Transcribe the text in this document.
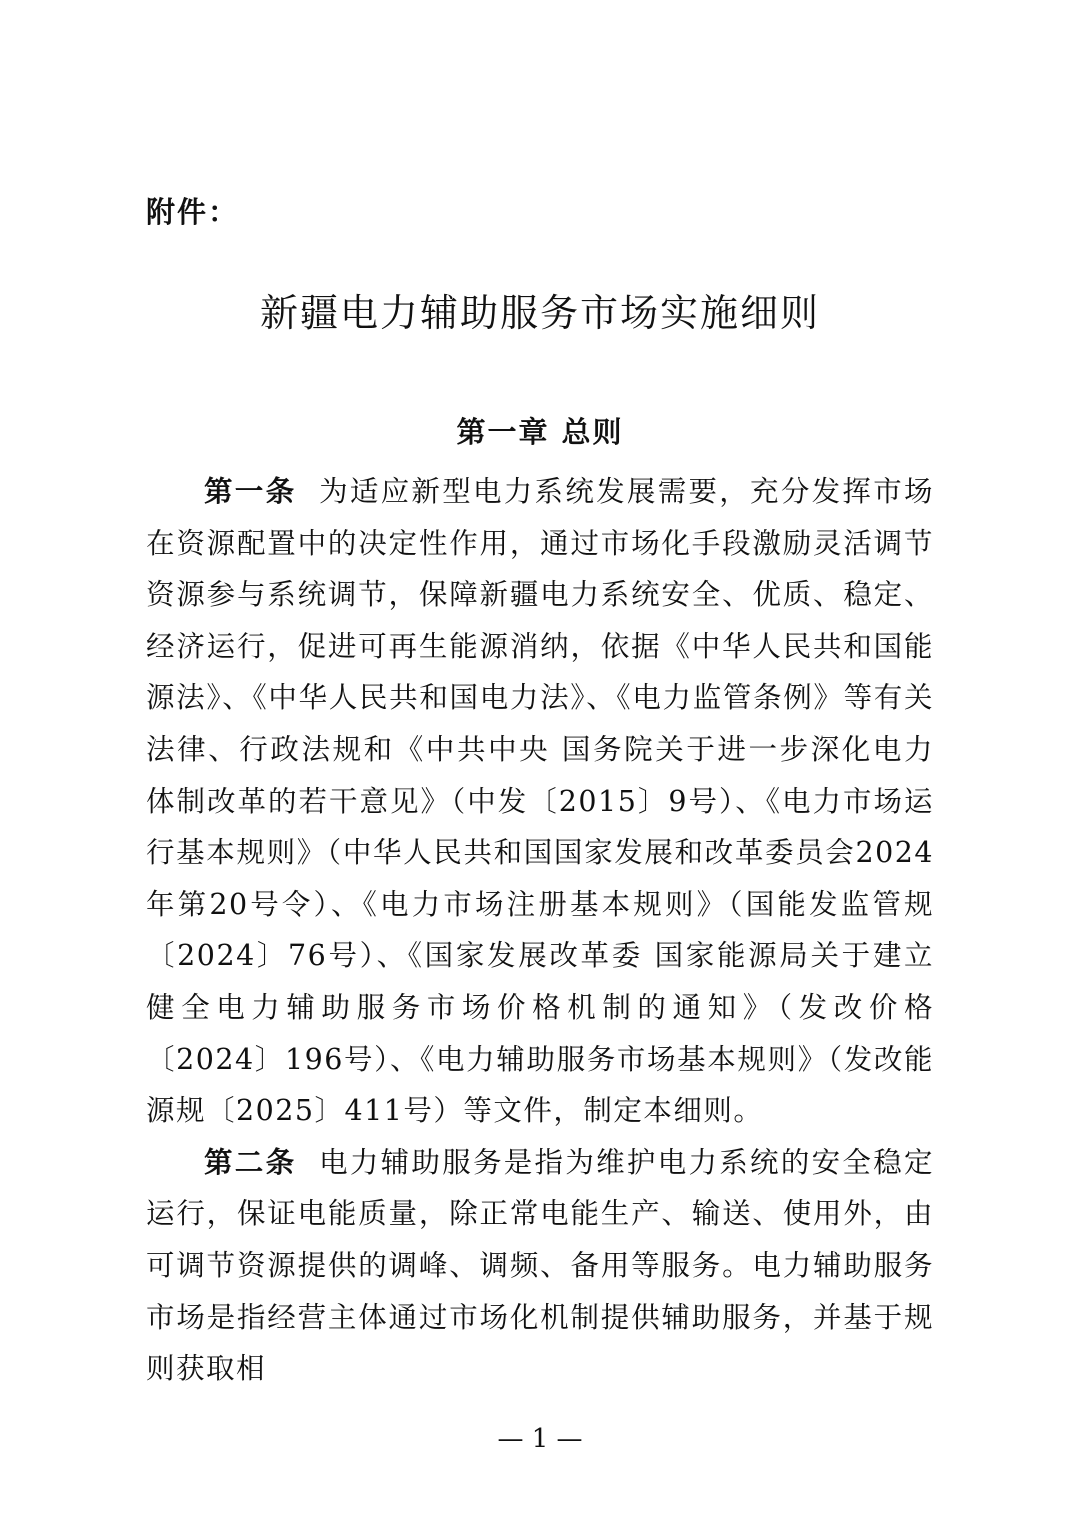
附件：
新疆电力辅助服务市场实施细则
第一章 总则

第一条 为适应新型电力系统发展需要，充分发挥市场在资源配置中的决定性作用，通过市场化手段激励灵活调节资源参与系统调节，保障新疆电力系统安全、优质、稳定、经济运行，促进可再生能源消纳，依据《中华人民共和国能源法》、《中华人民共和国电力法》、《电力监管条例》等有关法律、行政法规和《中共中央 国务院关于进一步深化电力体制改革的若干意见》（中发〔2015〕9号）、《电力市场运行基本规则》（中华人民共和国国家发展和改革委员会2024年第20号令）、《电力市场注册基本规则》（国能发监管规〔2024〕76号）、《国家发展改革委 国家能源局关于建立健全电力辅助服务市场价格机制的通知》（发改价格〔2024〕196号）、《电力辅助服务市场基本规则》（发改能源规〔2025〕411号）等文件，制定本细则。

第二条 电力辅助服务是指为维护电力系统的安全稳定运行，保证电能质量，除正常电能生产、输送、使用外，由可调节资源提供的调峰、调频、备用等服务。电力辅助服务市场是指经营主体通过市场化机制提供辅助服务，并基于规则获取相

— 1 —
